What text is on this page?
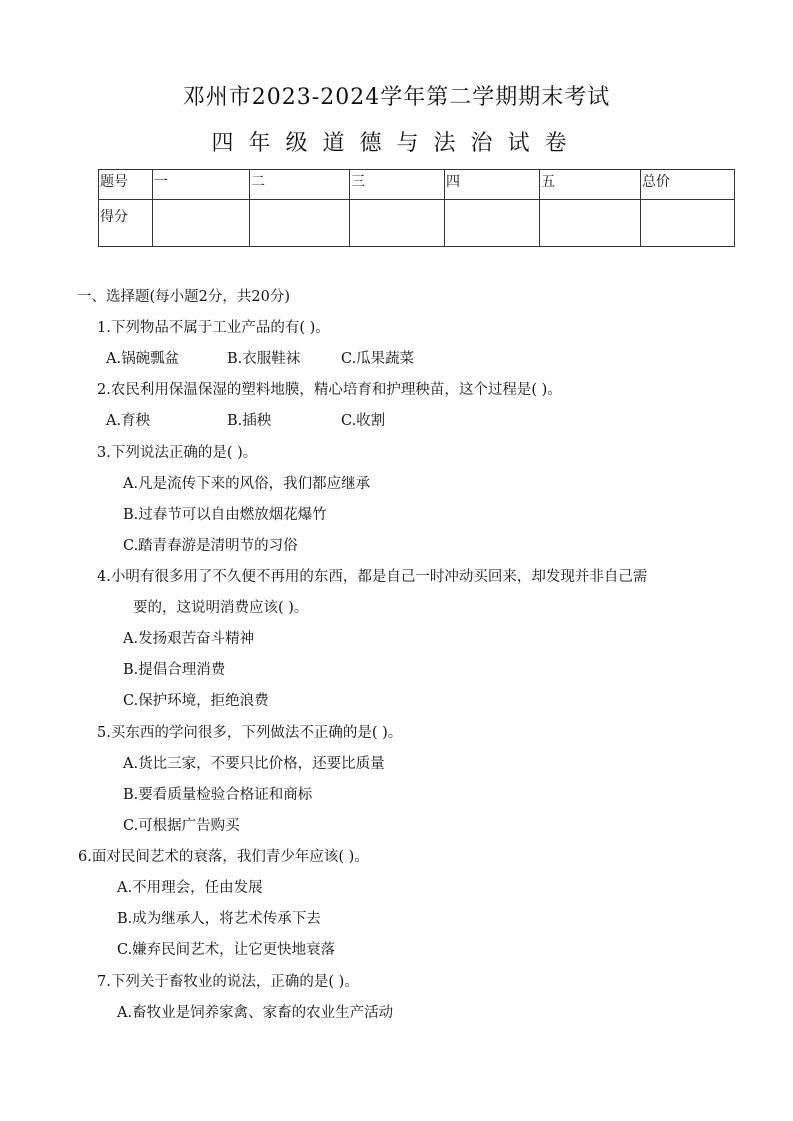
邓州市2023-2024学年第二学期期末考试
四年级道德与法治试卷
题号	一	二	三	四	五	总价
得分						
一、选择题(每小题2分，共20分)
1.下列物品不属于工业产品的有( )。
A.锅碗瓢盆	B.衣服鞋袜	C.瓜果蔬菜
2.农民利用保温保湿的塑料地膜，精心培育和护理秧苗，这个过程是( )。
A.育秧	B.插秧	C.收割
3.下列说法正确的是( )。
A.凡是流传下来的风俗，我们都应继承
B.过春节可以自由燃放烟花爆竹
C.踏青春游是清明节的习俗
4.小明有很多用了不久便不再用的东西，都是自己一时冲动买回来，却发现并非自己需
要的，这说明消费应该( )。
A.发扬艰苦奋斗精神
B.提倡合理消费
C.保护环境，拒绝浪费
5.买东西的学问很多，下列做法不正确的是( )。
A.货比三家，不要只比价格，还要比质量
B.要看质量检验合格证和商标
C.可根据广告购买
6.面对民间艺术的衰落，我们青少年应该( )。
A.不用理会，任由发展
B.成为继承人，将艺术传承下去
C.嫌弃民间艺术，让它更快地衰落
7.下列关于畜牧业的说法，正确的是( )。
A.畜牧业是饲养家禽、家畜的农业生产活动
